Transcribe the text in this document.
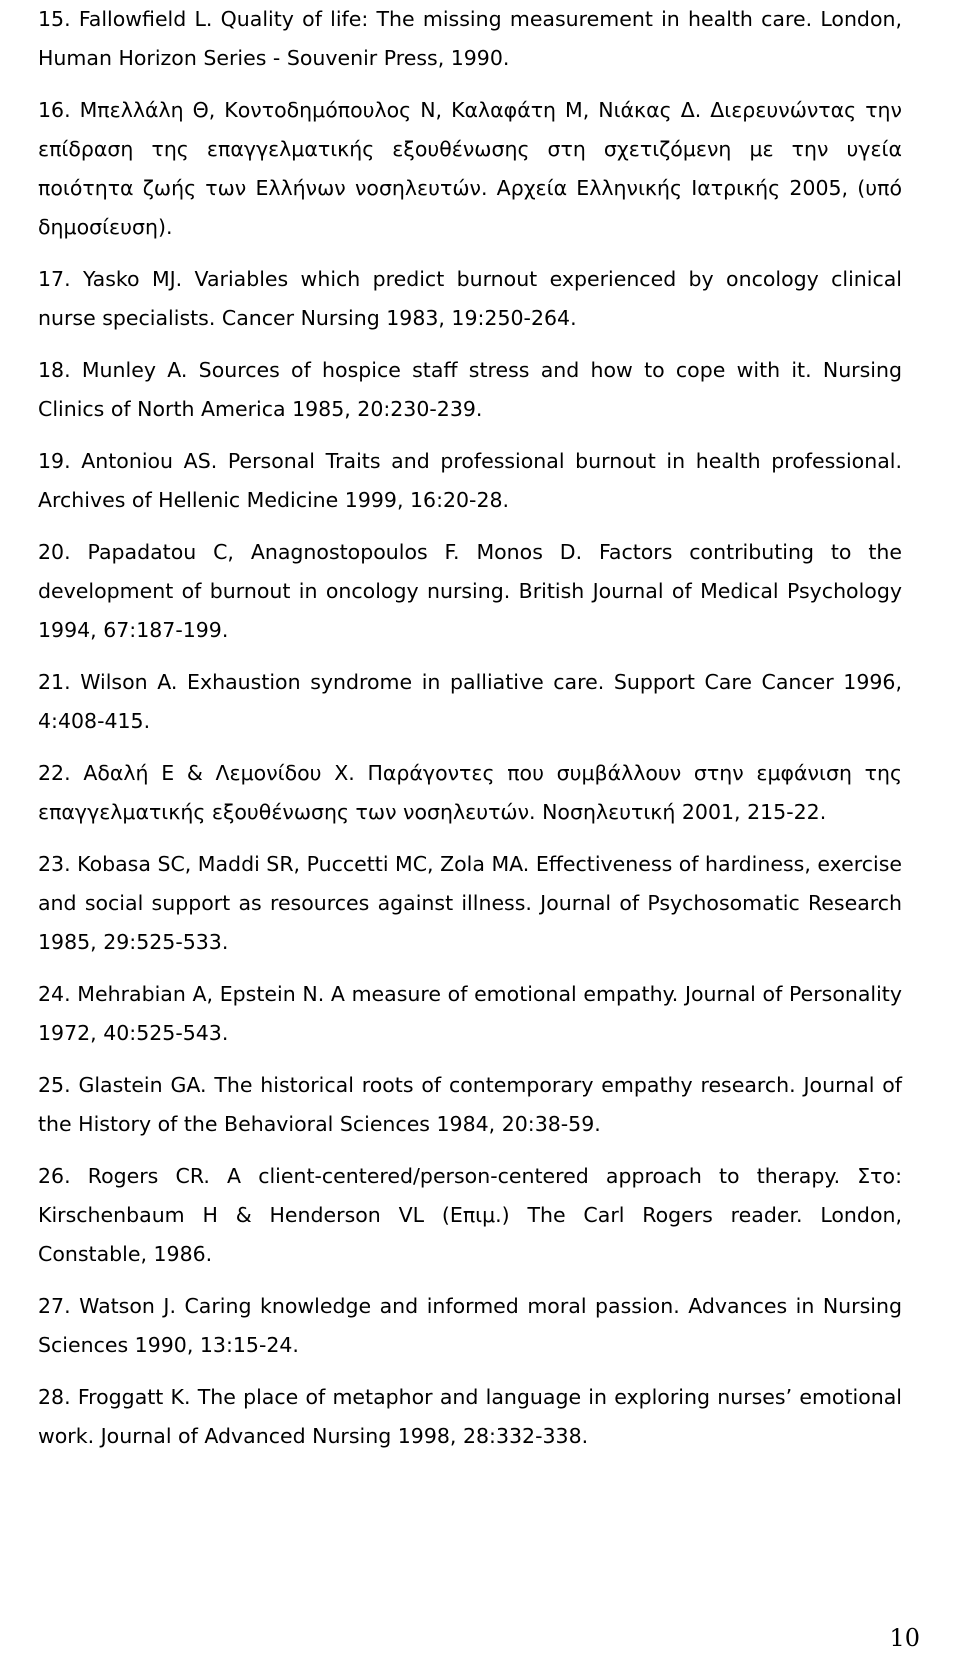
15. Fallowfield L. Quality of life: The missing measurement in health care. London, Human Horizon Series - Souvenir Press, 1990.
16. Μπελλάλη Θ, Κοντοδημόπουλος Ν, Καλαφάτη Μ, Νιάκας Δ. Διερευνώντας την επίδραση της επαγγελματικής εξουθένωσης στη σχετιζόμενη με την υγεία ποιότητα ζωής των Ελλήνων νοσηλευτών. Αρχεία Ελληνικής Ιατρικής 2005, (υπό δημοσίευση).
17. Yasko MJ. Variables which predict burnout experienced by oncology clinical nurse specialists. Cancer Nursing 1983, 19:250-264.
18. Munley A. Sources of hospice staff stress and how to cope with it. Nursing Clinics of North America 1985, 20:230-239.
19. Antoniou AS. Personal Traits and professional burnout in health professional. Archives of Hellenic Medicine 1999, 16:20-28.
20. Papadatou C, Anagnostopoulos F. Monos D. Factors contributing to the development of burnout in oncology nursing. British Journal of Medical Psychology 1994, 67:187-199.
21. Wilson A. Exhaustion syndrome in palliative care. Support Care Cancer 1996, 4:408-415.
22. Αδαλή Ε & Λεμονίδου Χ. Παράγοντες που συμβάλλουν στην εμφάνιση της επαγγελματικής εξουθένωσης των νοσηλευτών. Νοσηλευτική 2001, 215-22.
23. Kobasa SC, Maddi SR, Puccetti MC, Zola MA. Effectiveness of hardiness, exercise and social support as resources against illness. Journal of Psychosomatic Research 1985, 29:525-533.
24. Mehrabian A, Epstein N. A measure of emotional empathy. Journal of Personality 1972, 40:525-543.
25. Glastein GA. The historical roots of contemporary empathy research. Journal of the History of the Behavioral Sciences 1984, 20:38-59.
26. Rogers CR. A client-centered/person-centered approach to therapy. Στο: Kirschenbaum H & Henderson VL (Επιμ.) The Carl Rogers reader. London, Constable, 1986.
27. Watson J. Caring knowledge and informed moral passion. Advances in Nursing Sciences 1990, 13:15-24.
28. Froggatt K. The place of metaphor and language in exploring nurses’ emotional work. Journal of Advanced Nursing 1998, 28:332-338.
10
